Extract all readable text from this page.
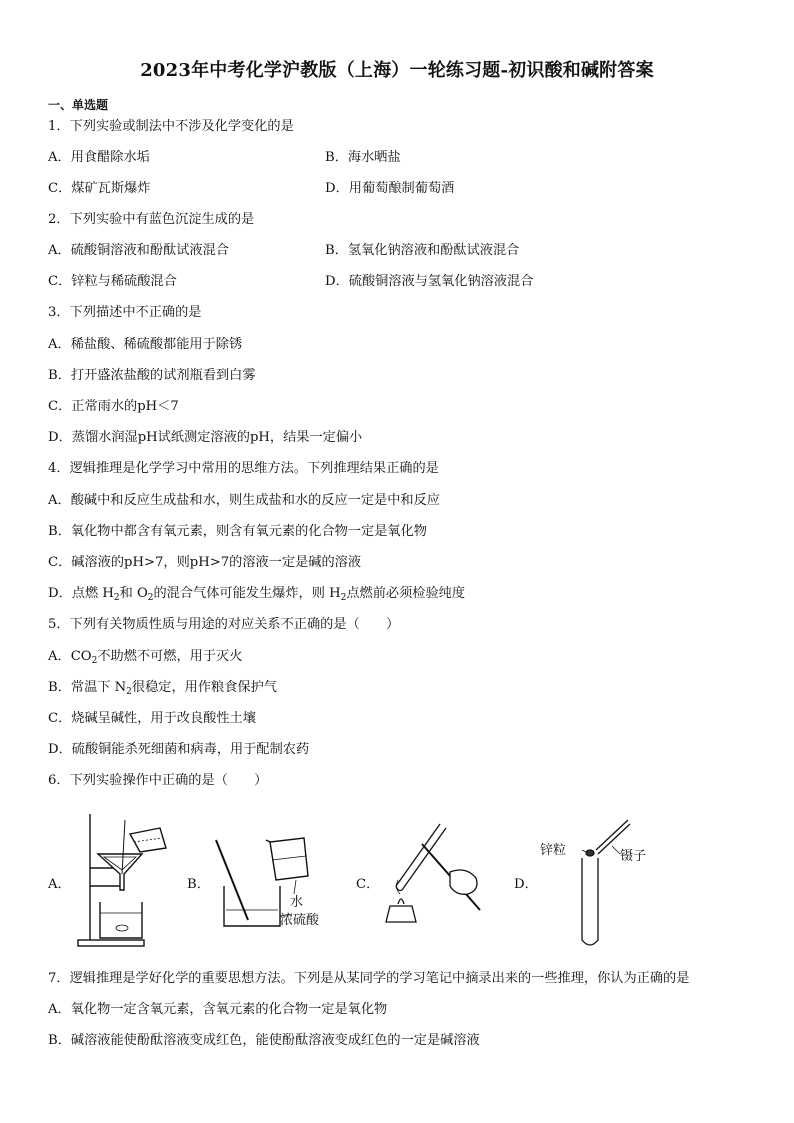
2023年中考化学沪教版（上海）一轮练习题-初识酸和碱附答案
一、单选题
1．下列实验或制法中不涉及化学变化的是
A．用食醋除水垢	B．海水晒盐
C．煤矿瓦斯爆炸	D．用葡萄酿制葡萄酒
2．下列实验中有蓝色沉淀生成的是
A．硫酸铜溶液和酚酞试液混合	B．氢氧化钠溶液和酚酞试液混合
C．锌粒与稀硫酸混合	D．硫酸铜溶液与氢氧化钠溶液混合
3．下列描述中不正确的是
A．稀盐酸、稀硫酸都能用于除锈
B．打开盛浓盐酸的试剂瓶看到白雾
C．正常雨水的pH＜7
D．蒸馏水润湿pH试纸测定溶液的pH，结果一定偏小
4．逻辑推理是化学学习中常用的思维方法。下列推理结果正确的是
A．酸碱中和反应生成盐和水，则生成盐和水的反应一定是中和反应
B．氧化物中都含有氧元素，则含有氧元素的化合物一定是氧化物
C．碱溶液的pH>7，则pH>7的溶液一定是碱的溶液
D．点燃 $H_2$和 $O_2$的混合气体可能发生爆炸，则 $H_2$点燃前必须检验纯度
5．下列有关物质性质与用途的对应关系不正确的是（　　）
A．$CO_2$不助燃不可燃，用于灭火
B．常温下 $N_2$很稳定，用作粮食保护气
C．烧碱呈碱性，用于改良酸性土壤
D．硫酸铜能杀死细菌和病毒，用于配制农药
6．下列实验操作中正确的是（　　）
A．	B．	C．	D．
水
浓硫酸
锌粒	镊子
7．逻辑推理是学好化学的重要思想方法。下列是从某同学的学习笔记中摘录出来的一些推理，你认为正确的是
A．氧化物一定含氧元素，含氧元素的化合物一定是氧化物
B．碱溶液能使酚酞溶液变成红色，能使酚酞溶液变成红色的一定是碱溶液
